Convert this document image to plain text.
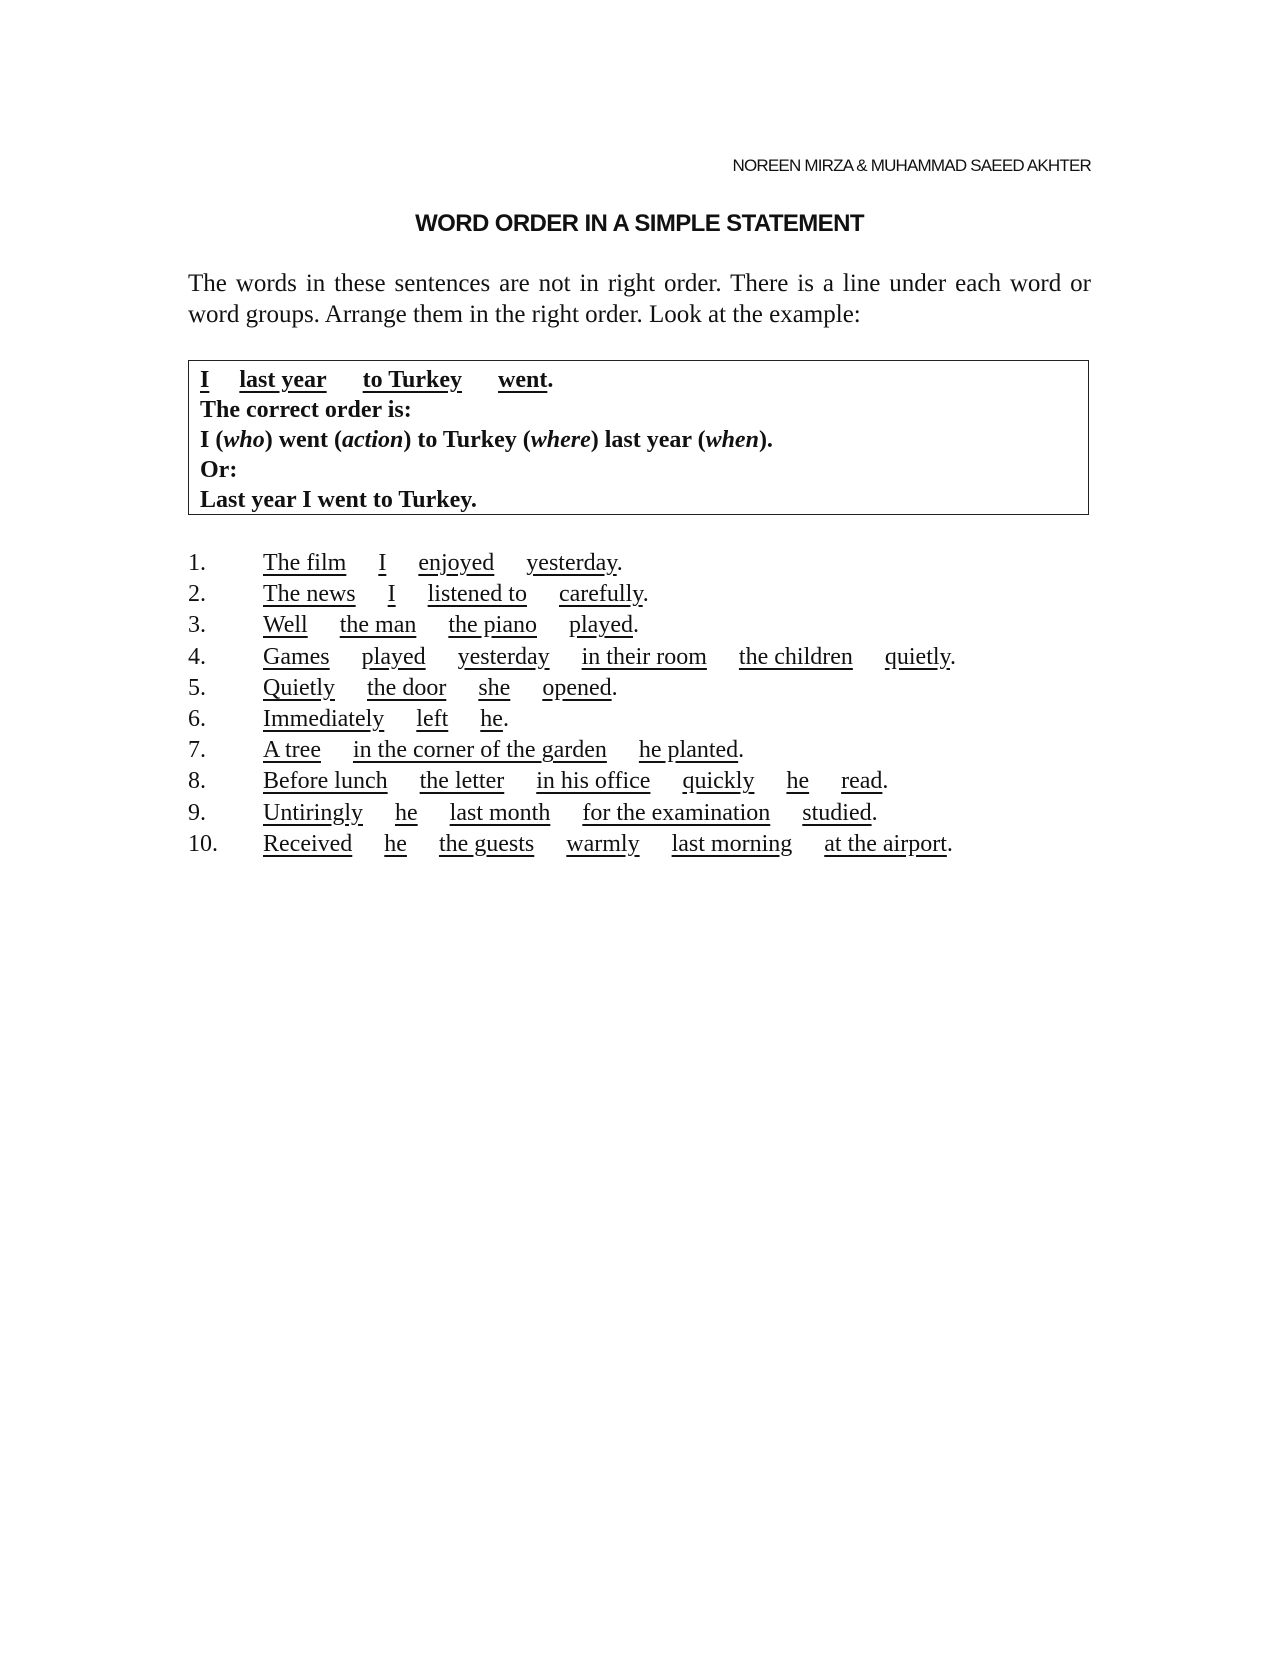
NOREEN MIRZA & MUHAMMAD SAEED AKHTER
WORD ORDER IN A SIMPLE STATEMENT

The words in these sentences are not in right order. There is a line under each word or word groups. Arrange them in the right order. Look at the example:

I last year to Turkey went.
The correct order is:
I (who) went (action) to Turkey (where) last year (when).
Or:
Last year I went to Turkey.
1. The film I enjoyed yesterday.
2. The news I listened to carefully.
3. Well the man the piano played.
4. Games played yesterday in their room the children quietly.
5. Quietly the door she opened.
6. Immediately left he.
7. A tree in the corner of the garden he planted.
8. Before lunch the letter in his office quickly he read.
9. Untiringly he last month for the examination studied.
10. Received he the guests warmly last morning at the airport.
